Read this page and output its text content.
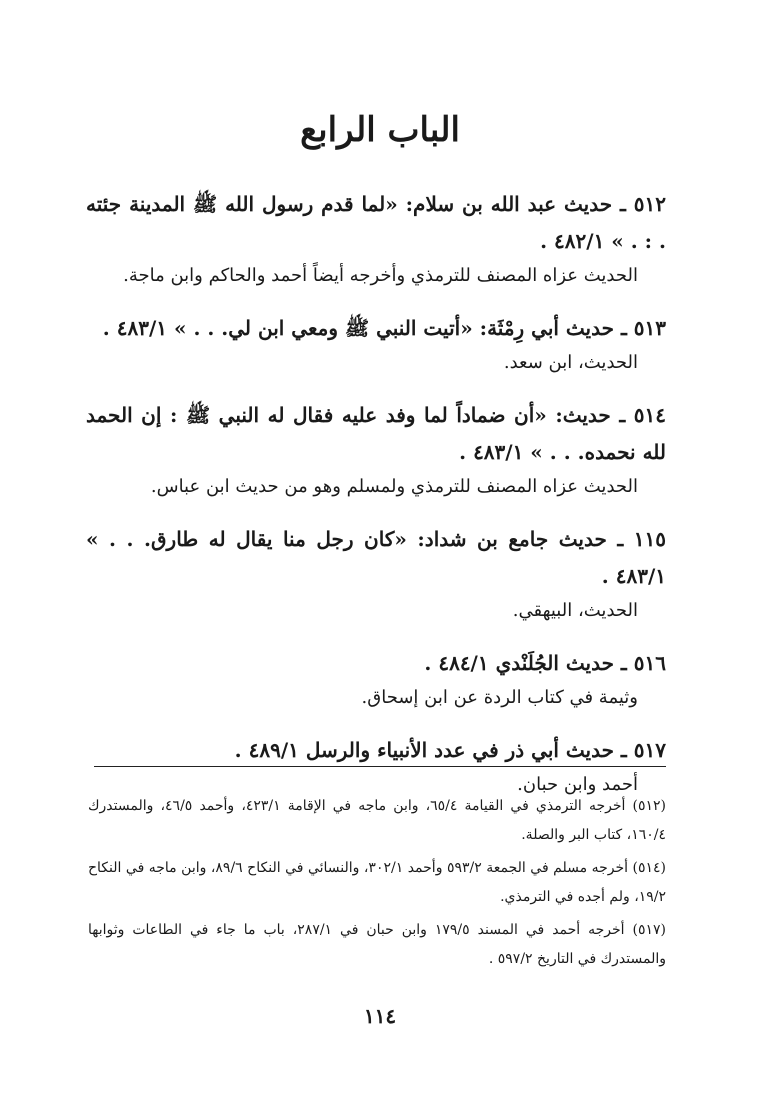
الباب الرابع

٥١٢ ـ حديث عبد الله بن سلام: «لما قدم رسول الله ﷺ المدينة جئته . : . » ٤٨٢/١ .

الحديث عزاه المصنف للترمذي وأخرجه أيضاً أحمد والحاكم وابن ماجة.

٥١٣ ـ حديث أبي رِمْثَة: «أتيت النبي ﷺ ومعي ابن لي. . . » ٤٨٣/١ .

الحديث، ابن سعد.

٥١٤ ـ حديث: «أن ضماداً لما وفد عليه فقال له النبي ﷺ : إن الحمد لله نحمده. . . » ٤٨٣/١ .

الحديث عزاه المصنف للترمذي ولمسلم وهو من حديث ابن عباس.

١١٥ ـ حديث جامع بن شداد: «كان رجل منا يقال له طارق. . . » ٤٨٣/١ .

الحديث، البيهقي.

٥١٦ ـ حديث الجُلَنْدي ٤٨٤/١ .

وثيمة في كتاب الردة عن ابن إسحاق.

٥١٧ ـ حديث أبي ذر في عدد الأنبياء والرسل ٤٨٩/١ .

أحمد وابن حبان.

(٥١٢) أخرجه الترمذي في القيامة ٦٥/٤، وابن ماجه في الإقامة ٤٢٣/١، وأحمد ٤٦/٥، والمستدرك ١٦٠/٤، كتاب البر والصلة.

(٥١٤) أخرجه مسلم في الجمعة ٥٩٣/٢ وأحمد ٣٠٢/١، والنسائي في النكاح ٨٩/٦، وابن ماجه في النكاح ١٩/٢، ولم أجده في الترمذي.

(٥١٧) أخرجه أحمد في المسند ١٧٩/٥ وابن حبان في ٢٨٧/١، باب ما جاء في الطاعات وثوابها والمستدرك في التاريخ ٥٩٧/٢ .

١١٤
